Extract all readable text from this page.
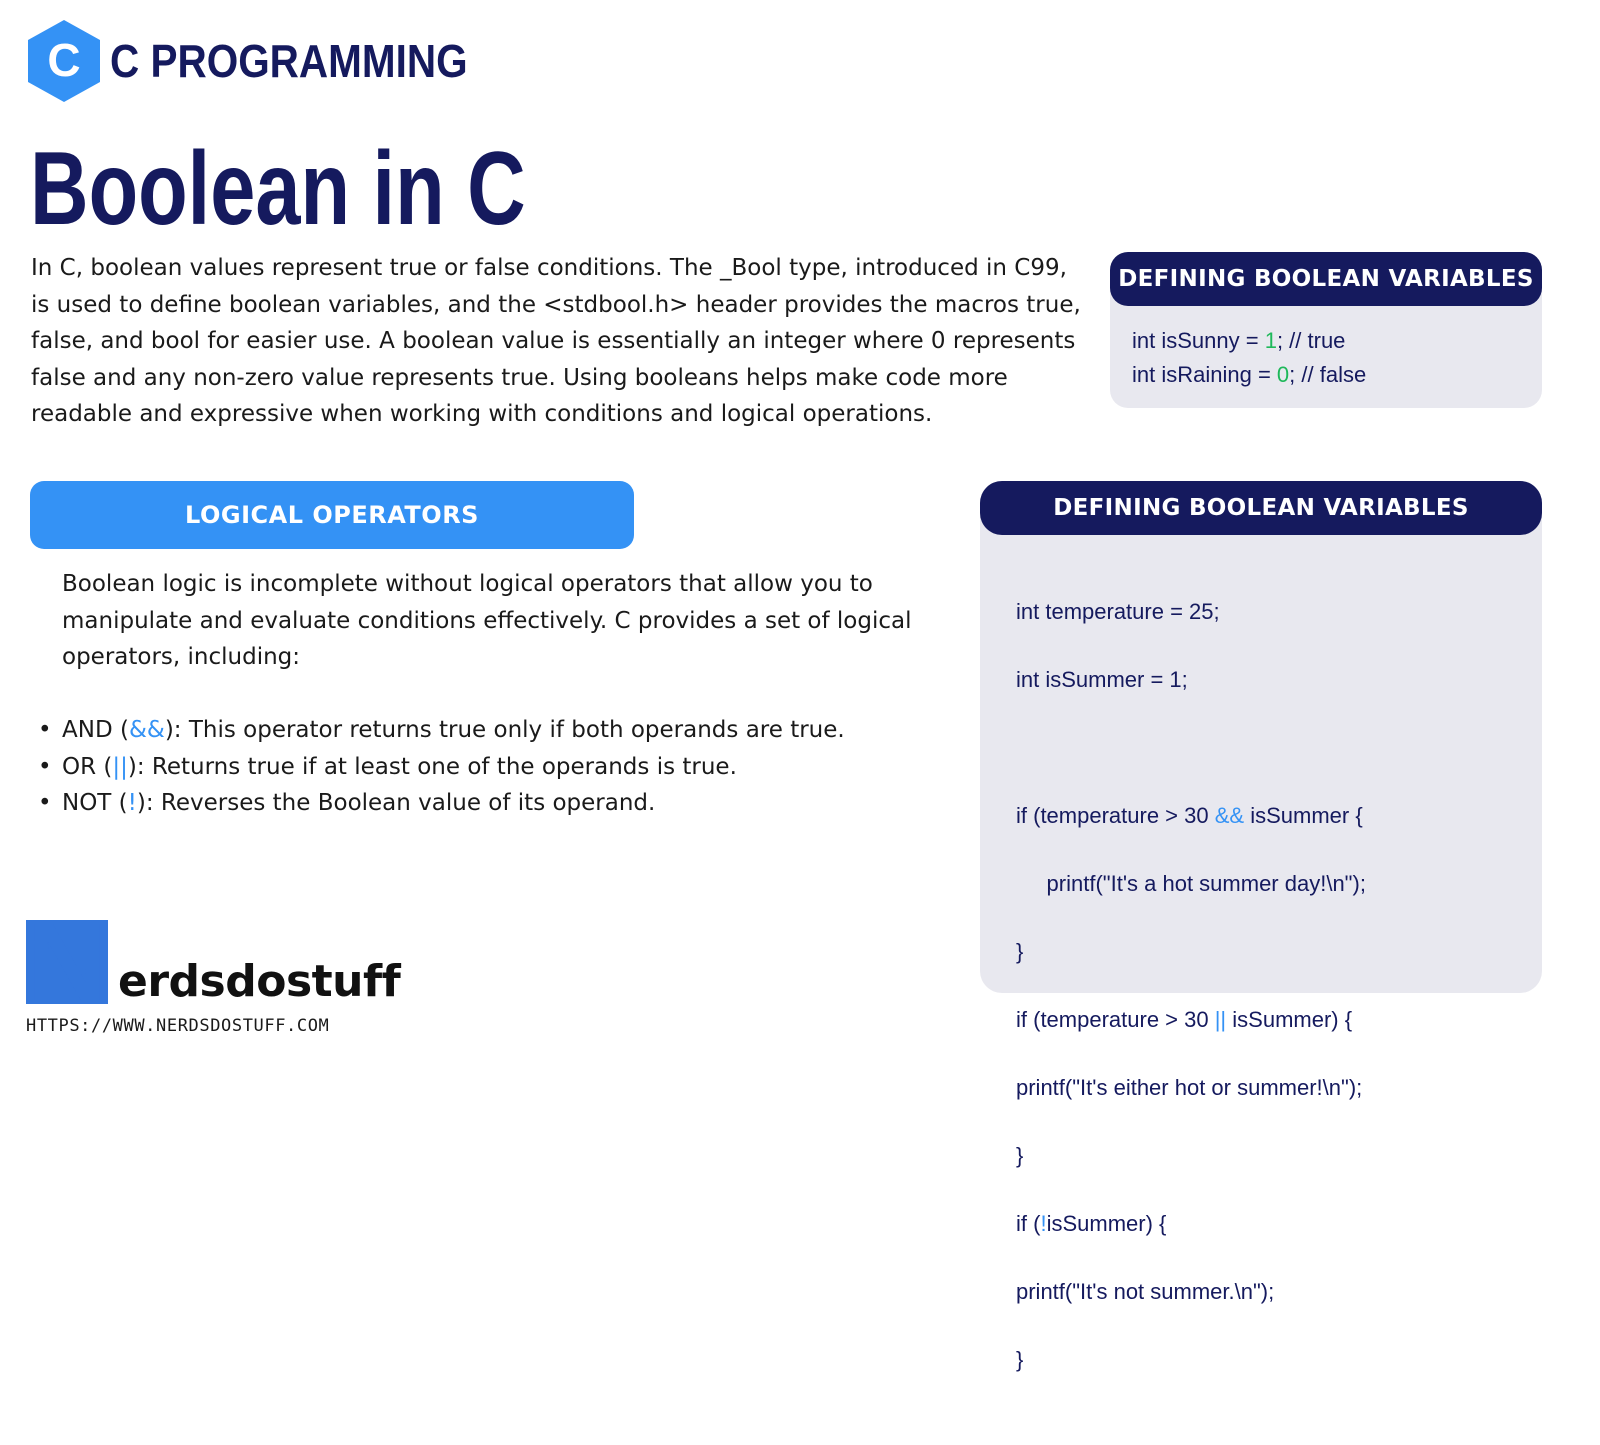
C C PROGRAMMING
Boolean in C

In C, boolean values represent true or false conditions. The _Bool type, introduced in C99, is used to define boolean variables, and the <stdbool.h> header provides the macros true, false, and bool for easier use. A boolean value is essentially an integer where 0 represents false and any non-zero value represents true. Using booleans helps make code more readable and expressive when working with conditions and logical operations.

DEFINING BOOLEAN VARIABLES
int isSunny = 1; // true
int isRaining = 0; // false
LOGICAL OPERATORS

Boolean logic is incomplete without logical operators that allow you to manipulate and evaluate conditions effectively. C provides a set of logical operators, including:

• AND (&&): This operator returns true only if both operands are true.
• OR (||): Returns true if at least one of the operands is true.
• NOT (!): Reverses the Boolean value of its operand.
DEFINING BOOLEAN VARIABLES

int temperature = 25;

int isSummer = 1;

if (temperature > 30 && isSummer {

printf("It's a hot summer day!\n");

}

if (temperature > 30 || isSummer) {

printf("It's either hot or summer!\n");

}

if (!isSummer) {

printf("It's not summer.\n");

}

N erdsdostuff
HTTPS://WWW.NERDSDOSTUFF.COM
